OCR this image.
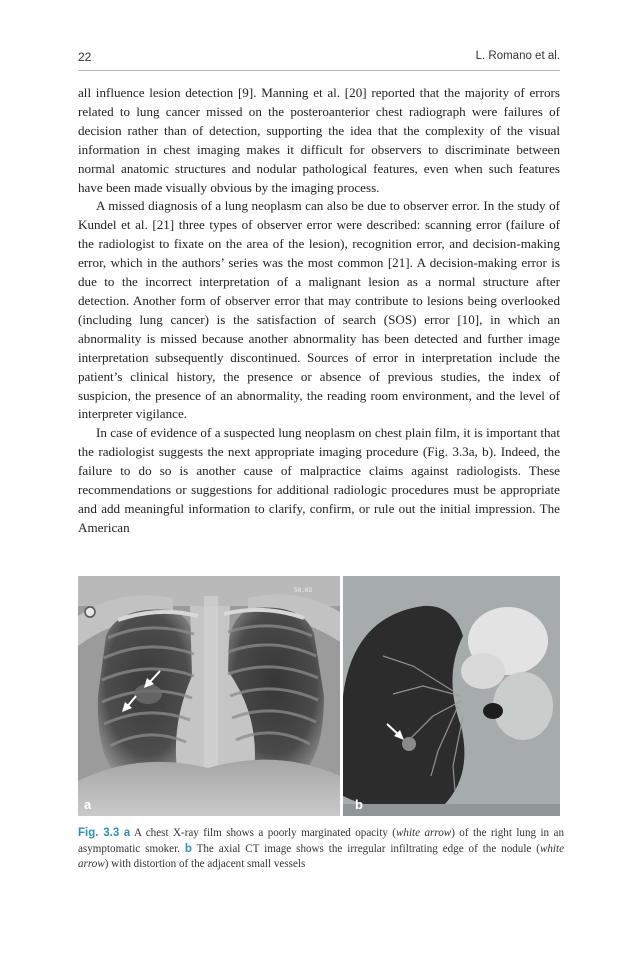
22	L. Romano et al.

all influence lesion detection [9]. Manning et al. [20] reported that the majority of errors related to lung cancer missed on the posteroanterior chest radiograph were failures of decision rather than of detection, supporting the idea that the complexity of the visual information in chest imaging makes it difficult for observers to discriminate between normal anatomic structures and nodular pathological features, even when such features have been made visually obvious by the imaging process.

A missed diagnosis of a lung neoplasm can also be due to observer error. In the study of Kundel et al. [21] three types of observer error were described: scanning error (failure of the radiologist to fixate on the area of the lesion), recognition error, and decision-making error, which in the authors’ series was the most common [21]. A decision-making error is due to the incorrect interpretation of a malignant lesion as a normal structure after detection. Another form of observer error that may contribute to lesions being overlooked (including lung cancer) is the satisfaction of search (SOS) error [10], in which an abnormality is missed because another abnormality has been detected and further image interpretation subsequently discontinued. Sources of error in interpretation include the patient’s clinical history, the presence or absence of previous studies, the index of suspicion, the presence of an abnormality, the reading room environment, and the level of interpreter vigilance.

In case of evidence of a suspected lung neoplasm on chest plain film, it is important that the radiologist suggests the next appropriate imaging procedure (Fig. 3.3a, b). Indeed, the failure to do so is another cause of malpractice claims against radiologists. These recommendations or suggestions for additional radiologic procedures must be appropriate and add meaningful information to clarify, confirm, or rule out the initial impression. The American

50.03
a	b
Fig. 3.3 a A chest X-ray film shows a poorly marginated opacity (white arrow) of the right lung in an asymptomatic smoker. b The axial CT image shows the irregular infiltrating edge of the nodule (white arrow) with distortion of the adjacent small vessels
